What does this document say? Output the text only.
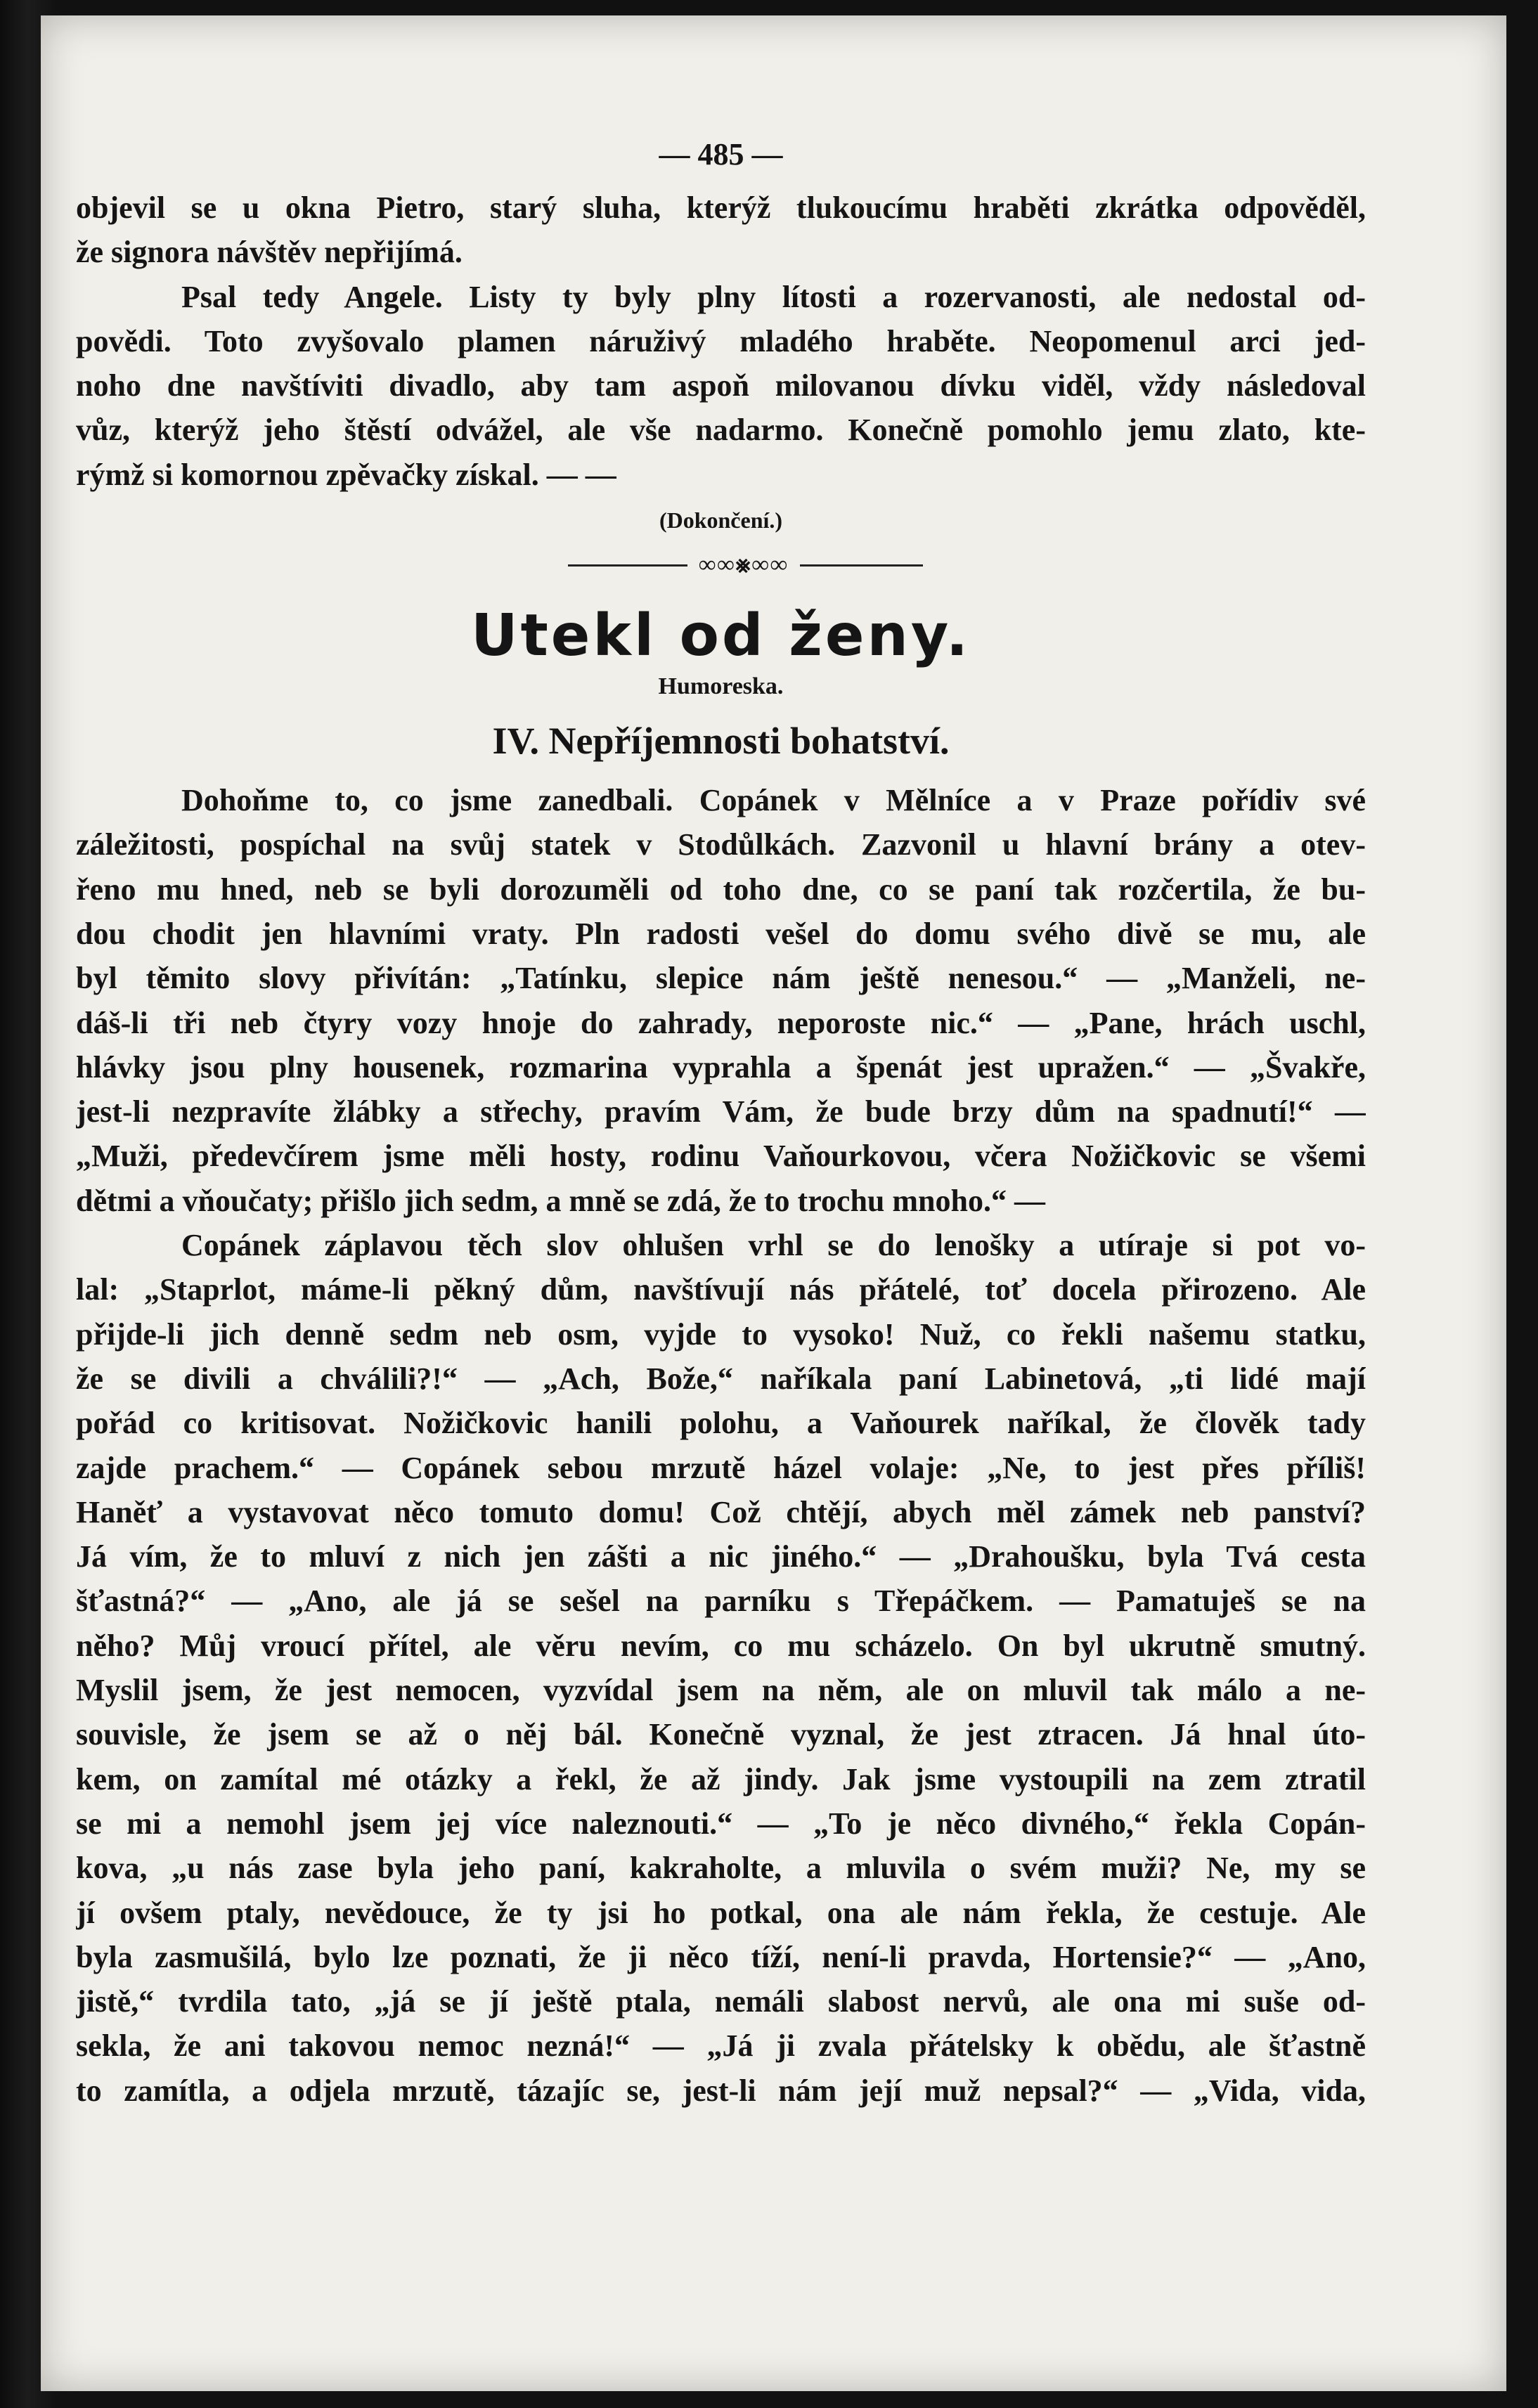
— 485 —
objevil se u okna Pietro, starý sluha, kterýž tlukoucímu hraběti zkrátka odpověděl,
že signora návštěv nepřijímá.
Psal tedy Angele. Listy ty byly plny lítosti a rozervanosti, ale nedostal od-
povědi. Toto zvyšovalo plamen náruživý mladého hraběte. Neopomenul arci jed-
noho dne navštíviti divadlo, aby tam aspoň milovanou dívku viděl, vždy následoval
vůz, kterýž jeho štěstí odvážel, ale vše nadarmo. Konečně pomohlo jemu zlato, kte-
rýmž si komornou zpěvačky získal. — —
(Dokončení.)
∞∞⨳∞∞
Utekl od ženy.
Humoreska.
IV. Nepříjemnosti bohatství.
Dohoňme to, co jsme zanedbali. Copánek v Mělníce a v Praze pořídiv své
záležitosti, pospíchal na svůj statek v Stodůlkách. Zazvonil u hlavní brány a otev-
řeno mu hned, neb se byli dorozuměli od toho dne, co se paní tak rozčertila, že bu-
dou chodit jen hlavními vraty. Pln radosti vešel do domu svého divě se mu, ale
byl těmito slovy přivítán: „Tatínku, slepice nám ještě nenesou.“ — „Manželi, ne-
dáš-li tři neb čtyry vozy hnoje do zahrady, neporoste nic.“ — „Pane, hrách uschl,
hlávky jsou plny housenek, rozmarina vyprahla a špenát jest upražen.“ — „Švakře,
jest-li nezpravíte žlábky a střechy, pravím Vám, že bude brzy dům na spadnutí!“ —
„Muži, předevčírem jsme měli hosty, rodinu Vaňourkovou, včera Nožičkovic se všemi
dětmi a vňoučaty; přišlo jich sedm, a mně se zdá, že to trochu mnoho.“ —
Copánek záplavou těch slov ohlušen vrhl se do lenošky a utíraje si pot vo-
lal: „Staprlot, máme-li pěkný dům, navštívují nás přátelé, toť docela přirozeno. Ale
přijde-li jich denně sedm neb osm, vyjde to vysoko! Nuž, co řekli našemu statku,
že se divili a chválili?!“ — „Ach, Bože,“ naříkala paní Labinetová, „ti lidé mají
pořád co kritisovat. Nožičkovic hanili polohu, a Vaňourek naříkal, že člověk tady
zajde prachem.“ — Copánek sebou mrzutě házel volaje: „Ne, to jest přes příliš!
Haněť a vystavovat něco tomuto domu! Což chtějí, abych měl zámek neb panství?
Já vím, že to mluví z nich jen zášti a nic jiného.“ — „Drahoušku, byla Tvá cesta
šťastná?“ — „Ano, ale já se sešel na parníku s Třepáčkem. — Pamatuješ se na
něho? Můj vroucí přítel, ale věru nevím, co mu scházelo. On byl ukrutně smutný.
Myslil jsem, že jest nemocen, vyzvídal jsem na něm, ale on mluvil tak málo a ne-
souvisle, že jsem se až o něj bál. Konečně vyznal, že jest ztracen. Já hnal úto-
kem, on zamítal mé otázky a řekl, že až jindy. Jak jsme vystoupili na zem ztratil
se mi a nemohl jsem jej více naleznouti.“ — „To je něco divného,“ řekla Copán-
kova, „u nás zase byla jeho paní, kakraholte, a mluvila o svém muži? Ne, my se
jí ovšem ptaly, nevědouce, že ty jsi ho potkal, ona ale nám řekla, že cestuje. Ale
byla zasmušilá, bylo lze poznati, že ji něco tíží, není-li pravda, Hortensie?“ — „Ano,
jistě,“ tvrdila tato, „já se jí ještě ptala, nemáli slabost nervů, ale ona mi suše od-
sekla, že ani takovou nemoc nezná!“ — „Já ji zvala přátelsky k obědu, ale šťastně
to zamítla, a odjela mrzutě, tázajíc se, jest-li nám její muž nepsal?“ — „Vida, vida,
